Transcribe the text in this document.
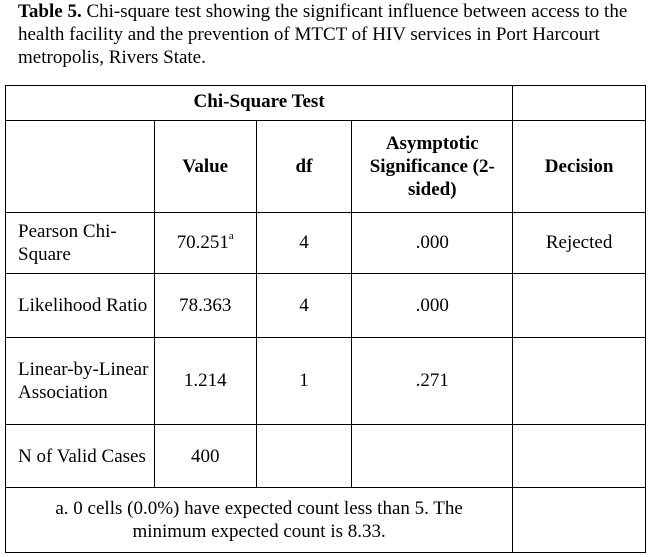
Table 5. Chi-square test showing the significant influence between access to the health facility and the prevention of MTCT of HIV services in Port Harcourt metropolis, Rivers State.
Chi-Square Test				
	Value	df	Asymptotic Significance (2-sided)	Decision
Pearson Chi-Square	70.251$^a$	4	.000	Rejected
Likelihood Ratio	78.363	4	.000	
Linear-by-Linear Association	1.214	1	.271	
N of Valid Cases	400			
a. 0 cells (0.0%) have expected count less than 5. The minimum expected count is 8.33.				
